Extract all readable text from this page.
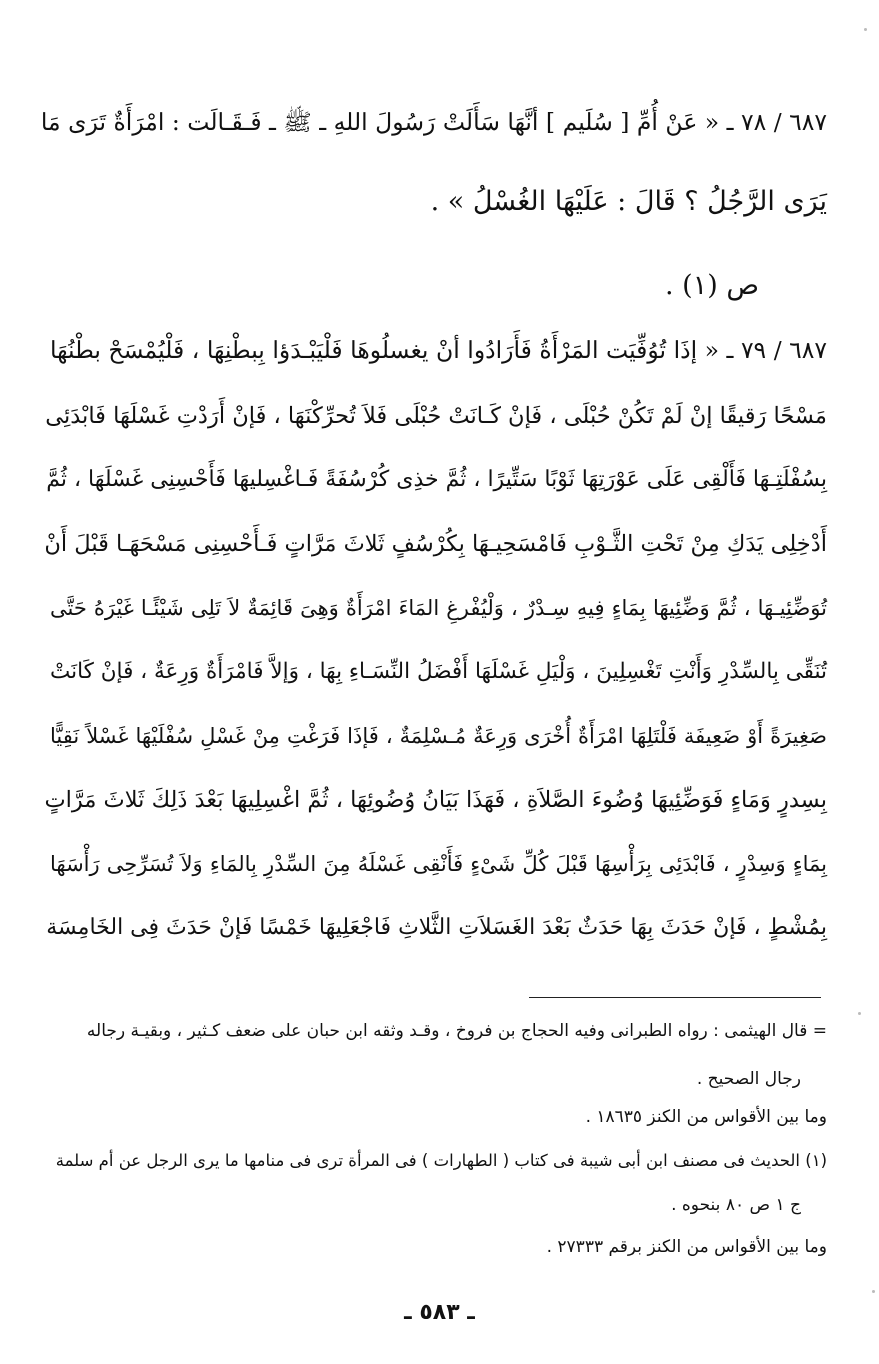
٦٨٧ / ٧٨ ـ « عَنْ أُمِّ [ سُلَيم ] أنَّهَا سَأَلَتْ رَسُولَ اللهِ ـ ﷺ ـ فَـقَـالَت : امْرَأَةٌ تَرَى مَا
يَرَى الرَّجُلُ ؟ قَالَ : عَلَيْهَا الغُسْلُ » .
ص (١) .
٦٨٧ / ٧٩ ـ « إذَا تُوُفِّيَت المَرْأَةُ فَأَرَادُوا أنْ يغسلُوهَا فَلْيَبْـدَؤا بِبطْنِهَا ، فَلْيُمْسَحْ بطْنُهَا
مَسْحًا رَقيقًا إنْ لَمْ تَكُنْ حُبْلَى ، فَإنْ كَـانَتْ حُبْلَى فَلاَ تُحرِّكْنَهَا ، فَإنْ أَرَدْتِ غَسْلَهَا فَابْدَئِى
بِسُفْلَتِـهَا فَأَلْقِى عَلَى عَوْرَتِهَا ثَوْبًا سَتِّيرًا ، ثُمَّ خذِى كُرْسُفَةً فَـاغْسِليهَا فَأَحْسِنِى غَسْلَهَا ، ثُمَّ
أَدْخِلِى يَدَكِ مِنْ تَحْتِ الثَّـوْبِ فَامْسَحِيـهَا بِكُرْسُفٍ ثَلاثَ مَرَّاتٍ فَـأَحْسِنِى مَسْحَهَـا قَبْلَ أَنْ
تُوَضِّئِيـهَا ، ثُمَّ وَضِّئِيهَا بِمَاءٍ فِيهِ سِـدْرٌ ، وَلْيُفْرغِ المَاءَ امْرَأَةٌ وَهِىَ قَائِمَةٌ لاَ تَلِى شَيْئًـا غَيْرَهُ حَتَّى
تُنَقِّى بِالسِّدْرِ وَأَنْتِ تَغْسِلِينَ ، وَلْيَلِ غَسْلَهَا أَفْضَلُ النِّسَـاءِ بِهَا ، وَإلاَّ فَامْرَأَةٌ وَرِعَةٌ ، فَإنْ كَانَتْ
صَغِيرَةً أَوْ ضَعِيفَة فَلْتَلِهَا امْرَأَةٌ أُخْرَى وَرِعَةٌ مُـسْلِمَةٌ ، فَإذَا فَرَغْتِ مِنْ غَسْلِ سُفْلَيْهَا غَسْلاً نَقِيًّا
بِسِدرٍ وَمَاءٍ فَوَضِّئِيهَا وُضُوءَ الصَّلاَةِ ، فَهَذَا بَيَانُ وُضُوئِهَا ، ثُمَّ اغْسِلِيهَا بَعْدَ ذَلِكَ ثَلاثَ مَرَّاتٍ
بِمَاءٍ وَسِدْرٍ ، فَابْدَئِى بِرَأْسِهَا قَبْلَ كُلِّ شَىْءٍ فَأَنْقِى غَسْلَهُ مِنَ السِّدْرِ بِالمَاءِ وَلاَ تُسَرِّحِى رَأْسَهَا
بِمُشْطٍ ، فَإنْ حَدَثَ بِهَا حَدَثٌ بَعْدَ الغَسَلاَتِ الثَّلاثِ فَاجْعَلِيهَا خَمْسًا فَإنْ حَدَثَ فِى الخَامِسَة
= قال الهيثمى : رواه الطبرانى وفيه الحجاج بن فروخ ، وقـد وثقه ابن حبان على ضعف كـثير ، وبقيـة رجاله
رجال الصحيح .
وما بين الأقواس من الكنز ١٨٦٣٥ .
(١) الحديث فى مصنف ابن أبى شيبة فى كتاب ( الطهارات ) فى المرأة ترى فى منامها ما يرى الرجل عن أم سلمة
ج ١ ص ٨٠ بنحوه .
وما بين الأقواس من الكنز برقم ٢٧٣٣٣ .
ـ ٥٨٣ ـ
